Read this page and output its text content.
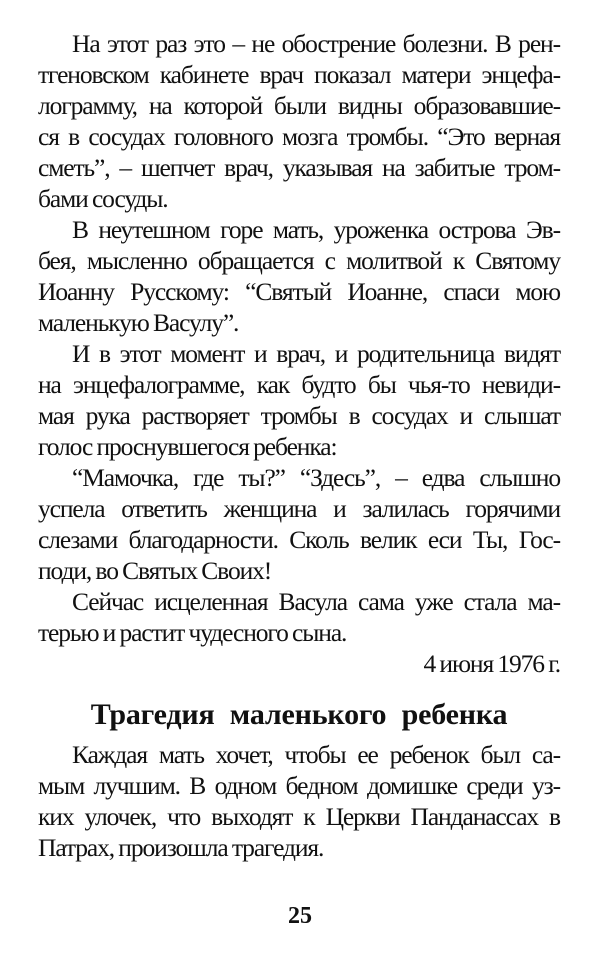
На этот раз это – не обострение болезни. В рен-
тгеновском кабинете врач показал матери энцефа-
лограмму, на которой были видны образовавшие-
ся в сосудах головного мозга тромбы. “Это верная
сметь”, – шепчет врач, указывая на забитые тром-
бами сосуды.
В неутешном горе мать, уроженка острова Эв-
бея, мысленно обращается с молитвой к Святому
Иоанну Русскому: “Святый Иоанне, спаси мою
маленькую Васулу”.
И в этот момент и врач, и родительница видят
на энцефалограмме, как будто бы чья-то невиди-
мая рука растворяет тромбы в сосудах и слышат
голос проснувшегося ребенка:
“Мамочка, где ты?” “Здесь”, – едва слышно
успела ответить женщина и залилась горячими
слезами благодарности. Сколь велик еси Ты, Гос-
поди, во Святых Своих!
Сейчас исцеленная Васула сама уже стала ма-
терью и растит чудесного сына.
4 июня 1976 г.
Трагедия маленького ребенка
Каждая мать хочет, чтобы ее ребенок был са-
мым лучшим. В одном бедном домишке среди уз-
ких улочек, что выходят к Церкви Панданассах в
Патрах, произошла трагедия.
25
